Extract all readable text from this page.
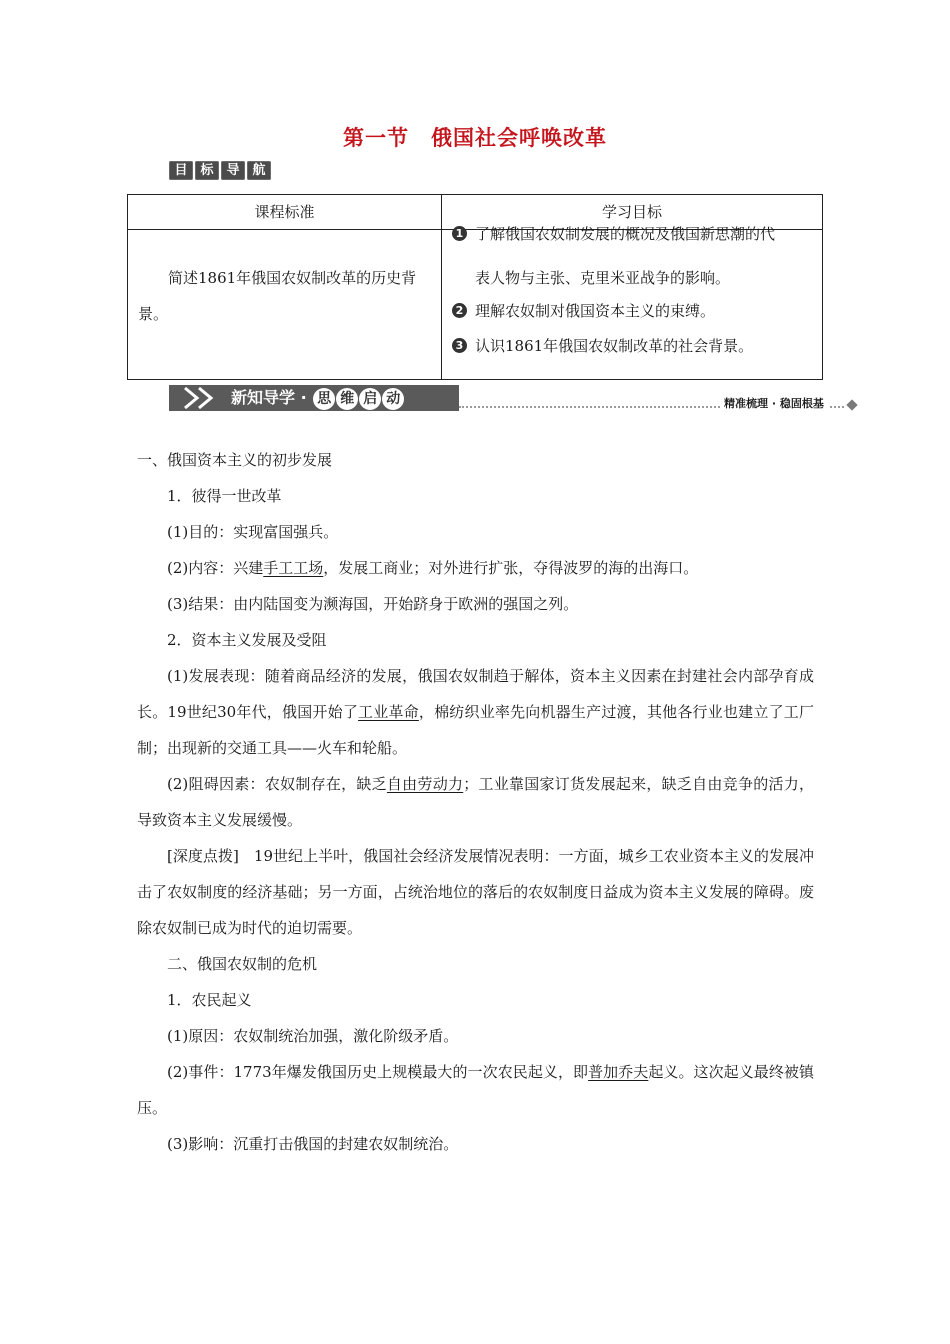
第一节　俄国社会呼唤改革
目 标 导 航
课程标准	学习目标
简述1861年俄国农奴制改革的历史背景。
1 了解俄国农奴制发展的概况及俄国新思潮的代
表人物与主张、克里米亚战争的影响。
2 理解农奴制对俄国资本主义的束缚。
3 认识1861年俄国农奴制改革的社会背景。
新知导学 · 思 维 启 动	精准梳理 · 稳固根基

一、俄国资本主义的初步发展

1．彼得一世改革

(1)目的：实现富国强兵。

(2)内容：兴建手工工场，发展工商业；对外进行扩张，夺得波罗的海的出海口。

(3)结果：由内陆国变为濒海国，开始跻身于欧洲的强国之列。

2．资本主义发展及受阻

(1)发展表现：随着商品经济的发展，俄国农奴制趋于解体，资本主义因素在封建社会内部孕育成长。19世纪30年代，俄国开始了工业革命，棉纺织业率先向机器生产过渡，其他各行业也建立了工厂制；出现新的交通工具——火车和轮船。

(2)阻碍因素：农奴制存在，缺乏自由劳动力；工业靠国家订货发展起来，缺乏自由竞争的活力，导致资本主义发展缓慢。

[深度点拨]　19世纪上半叶，俄国社会经济发展情况表明：一方面，城乡工农业资本主义的发展冲击了农奴制度的经济基础；另一方面，占统治地位的落后的农奴制度日益成为资本主义发展的障碍。废除农奴制已成为时代的迫切需要。

二、俄国农奴制的危机

1．农民起义

(1)原因：农奴制统治加强，激化阶级矛盾。

(2)事件：1773年爆发俄国历史上规模最大的一次农民起义，即普加乔夫起义。这次起义最终被镇压。

(3)影响：沉重打击俄国的封建农奴制统治。
